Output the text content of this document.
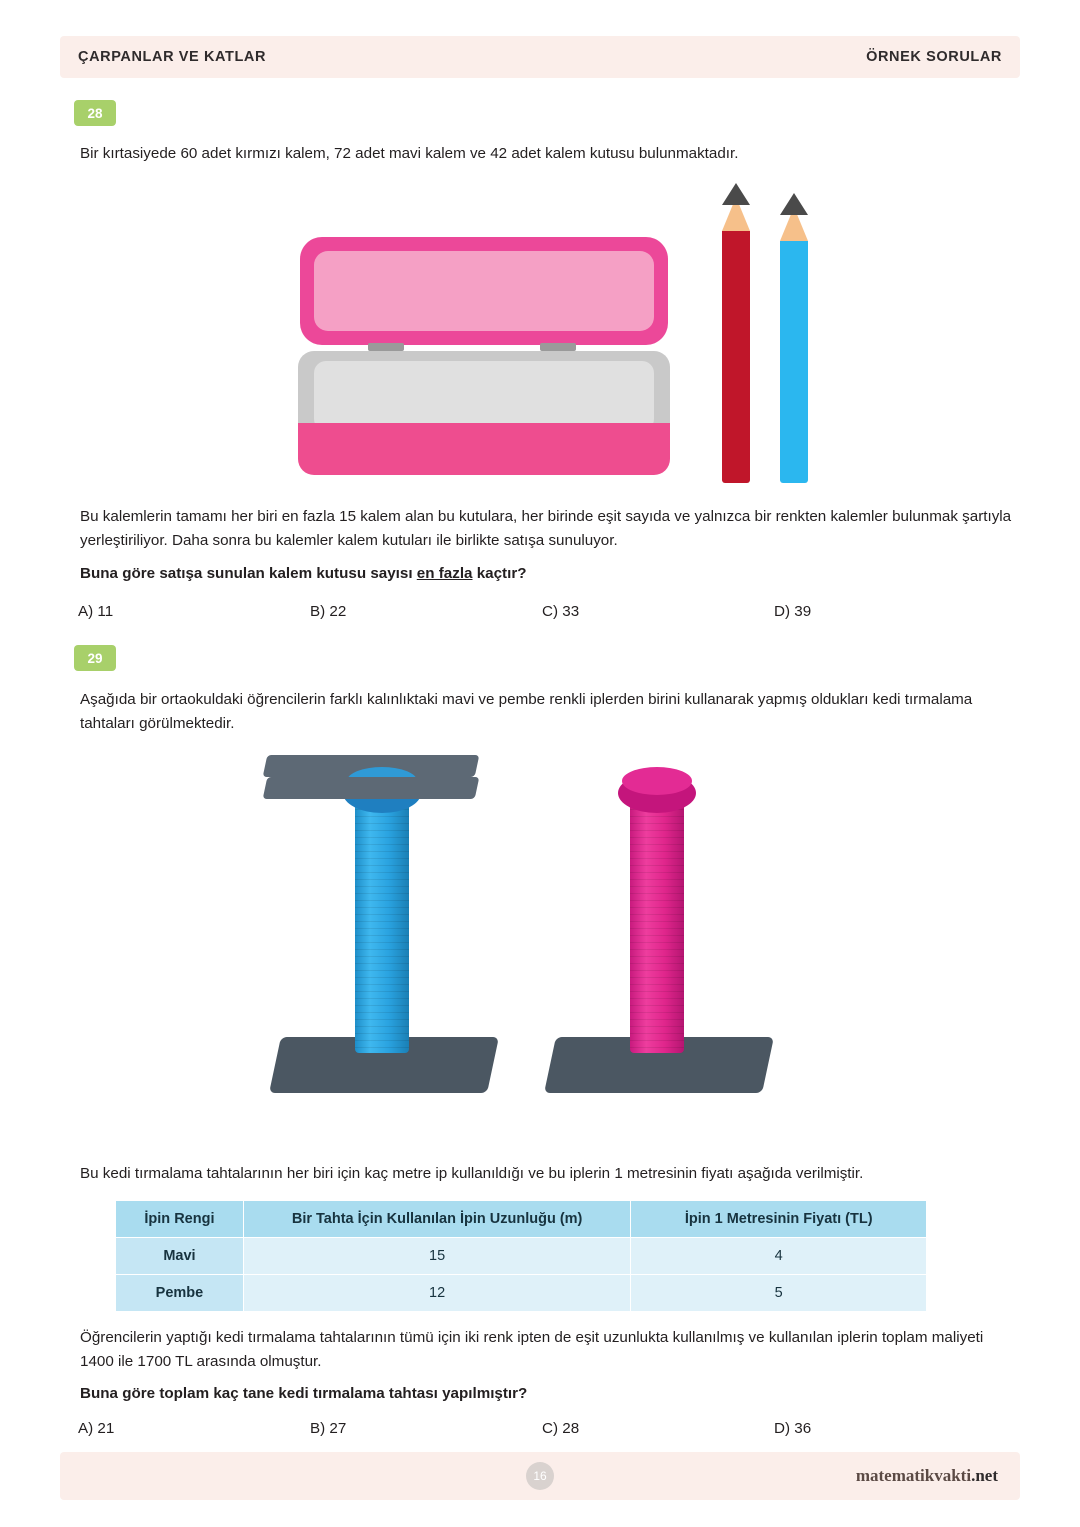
ÇARPANLAR VE KATLAR	ÖRNEK SORULAR
28
Bir kırtasiyede 60 adet kırmızı kalem, 72 adet mavi kalem ve 42 adet kalem kutusu bulunmaktadır.
Bu kalemlerin tamamı her biri en fazla 15 kalem alan bu kutulara, her birinde eşit sayıda ve yalnızca bir renkten kalemler bulunmak şartıyla yerleştiriliyor. Daha sonra bu kalemler kalem kutuları ile birlikte satışa sunuluyor.
Buna göre satışa sunulan kalem kutusu sayısı en fazla kaçtır?
A) 11	B) 22	C) 33	D) 39
29
Aşağıda bir ortaokuldaki öğrencilerin farklı kalınlıktaki mavi ve pembe renkli iplerden birini kullanarak yapmış oldukları kedi tırmalama tahtaları görülmektedir.
Bu kedi tırmalama tahtalarının her biri için kaç metre ip kullanıldığı ve bu iplerin 1 metresinin fiyatı aşağıda verilmiştir.
İpin Rengi	Bir Tahta İçin Kullanılan İpin Uzunluğu (m)	İpin 1 Metresinin Fiyatı (TL)
Mavi	15	4
Pembe	12	5
Öğrencilerin yaptığı kedi tırmalama tahtalarının tümü için iki renk ipten de eşit uzunlukta kullanılmış ve kullanılan iplerin toplam maliyeti 1400 ile 1700 TL arasında olmuştur.
Buna göre toplam kaç tane kedi tırmalama tahtası yapılmıştır?
A) 21	B) 27	C) 28	D) 36
16	matematikvakti.net
